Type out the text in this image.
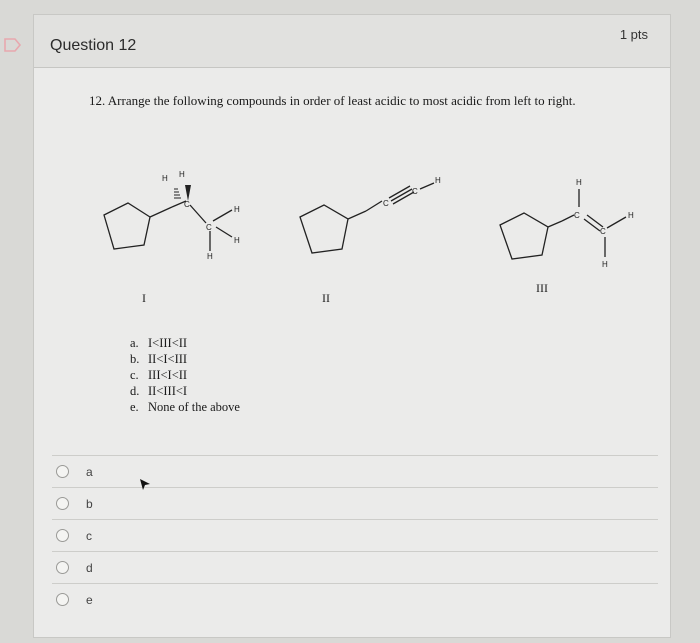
Question 12
1 pts
12. Arrange the following compounds in order of least acidic to most acidic from left to right.
H H
C
C
H
H
H
C
C
H	H
C
C
H
H
I	II
III
a. I<III<II
b. II<I<III
c. III<I<II
d. II<III<I
e. None of the above
a
b
c
d
e
